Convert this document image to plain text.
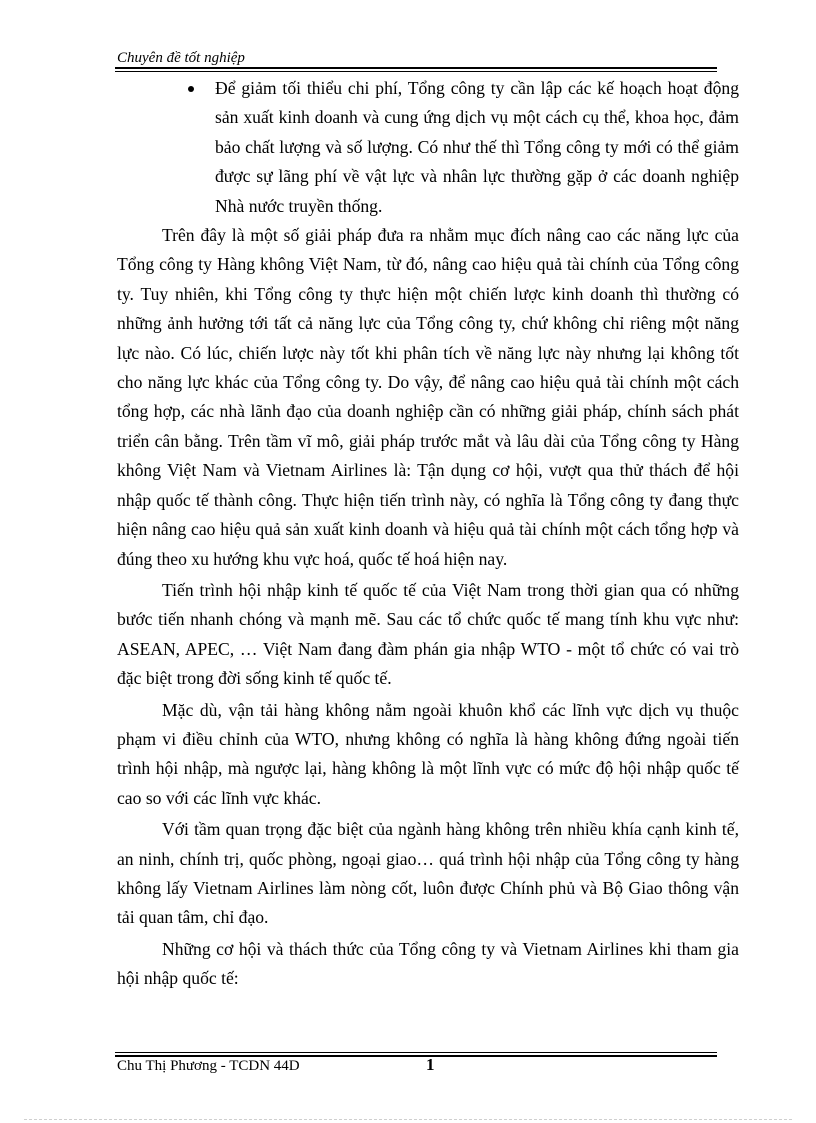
Chuyên đề tốt nghiệp

Để giảm tối thiểu chi phí, Tổng công ty cần lập các kế hoạch hoạt động sản xuất kinh doanh và cung ứng dịch vụ một cách cụ thể, khoa học, đảm bảo chất lượng và số lượng. Có như thế thì Tổng công ty mới có thể giảm được sự lãng phí về vật lực và nhân lực thường gặp ở các doanh nghiệp Nhà nước truyền thống.

Trên đây là một số giải pháp đưa ra nhằm mục đích nâng cao các năng lực của Tổng công ty Hàng không Việt Nam, từ đó, nâng cao hiệu quả tài chính của Tổng công ty. Tuy nhiên, khi Tổng công ty thực hiện một chiến lược kinh doanh thì thường có những ảnh hưởng tới tất cả năng lực của Tổng công ty, chứ không chỉ riêng một năng lực nào. Có lúc, chiến lược này tốt khi phân tích về năng lực này nhưng lại không tốt cho năng lực khác của Tổng công ty. Do vậy, để nâng cao hiệu quả tài chính một cách tổng hợp, các nhà lãnh đạo của doanh nghiệp cần có những giải pháp, chính sách phát triển cân bằng. Trên tầm vĩ mô, giải pháp trước mắt và lâu dài của Tổng công ty Hàng không Việt Nam và Vietnam Airlines là: Tận dụng cơ hội, vượt qua thử thách để hội nhập quốc tế thành công. Thực hiện tiến trình này, có nghĩa là Tổng công ty đang thực hiện nâng cao hiệu quả sản xuất kinh doanh và hiệu quả tài chính một cách tổng hợp và đúng theo xu hướng khu vực hoá, quốc tế hoá hiện nay.

Tiến trình hội nhập kinh tế quốc tế của Việt Nam trong thời gian qua có những bước tiến nhanh chóng và mạnh mẽ. Sau các tổ chức quốc tế mang tính khu vực như: ASEAN, APEC, … Việt Nam đang đàm phán gia nhập WTO - một tổ chức có vai trò đặc biệt trong đời sống kinh tế quốc tế.

Mặc dù, vận tải hàng không nằm ngoài khuôn khổ các lĩnh vực dịch vụ thuộc phạm vi điều chỉnh của WTO, nhưng không có nghĩa là hàng không đứng ngoài tiến trình hội nhập, mà ngược lại, hàng không là một lĩnh vực có mức độ hội nhập quốc tế cao so với các lĩnh vực khác.

Với tầm quan trọng đặc biệt của ngành hàng không trên nhiều khía cạnh kinh tế, an ninh, chính trị, quốc phòng, ngoại giao… quá trình hội nhập của Tổng công ty hàng không lấy Vietnam Airlines làm nòng cốt, luôn được Chính phủ và Bộ Giao thông vận tải quan tâm, chỉ đạo.

Những cơ hội và thách thức của Tổng công ty và Vietnam Airlines khi tham gia hội nhập quốc tế:

Chu Thị Phương - TCDN 44D	1
